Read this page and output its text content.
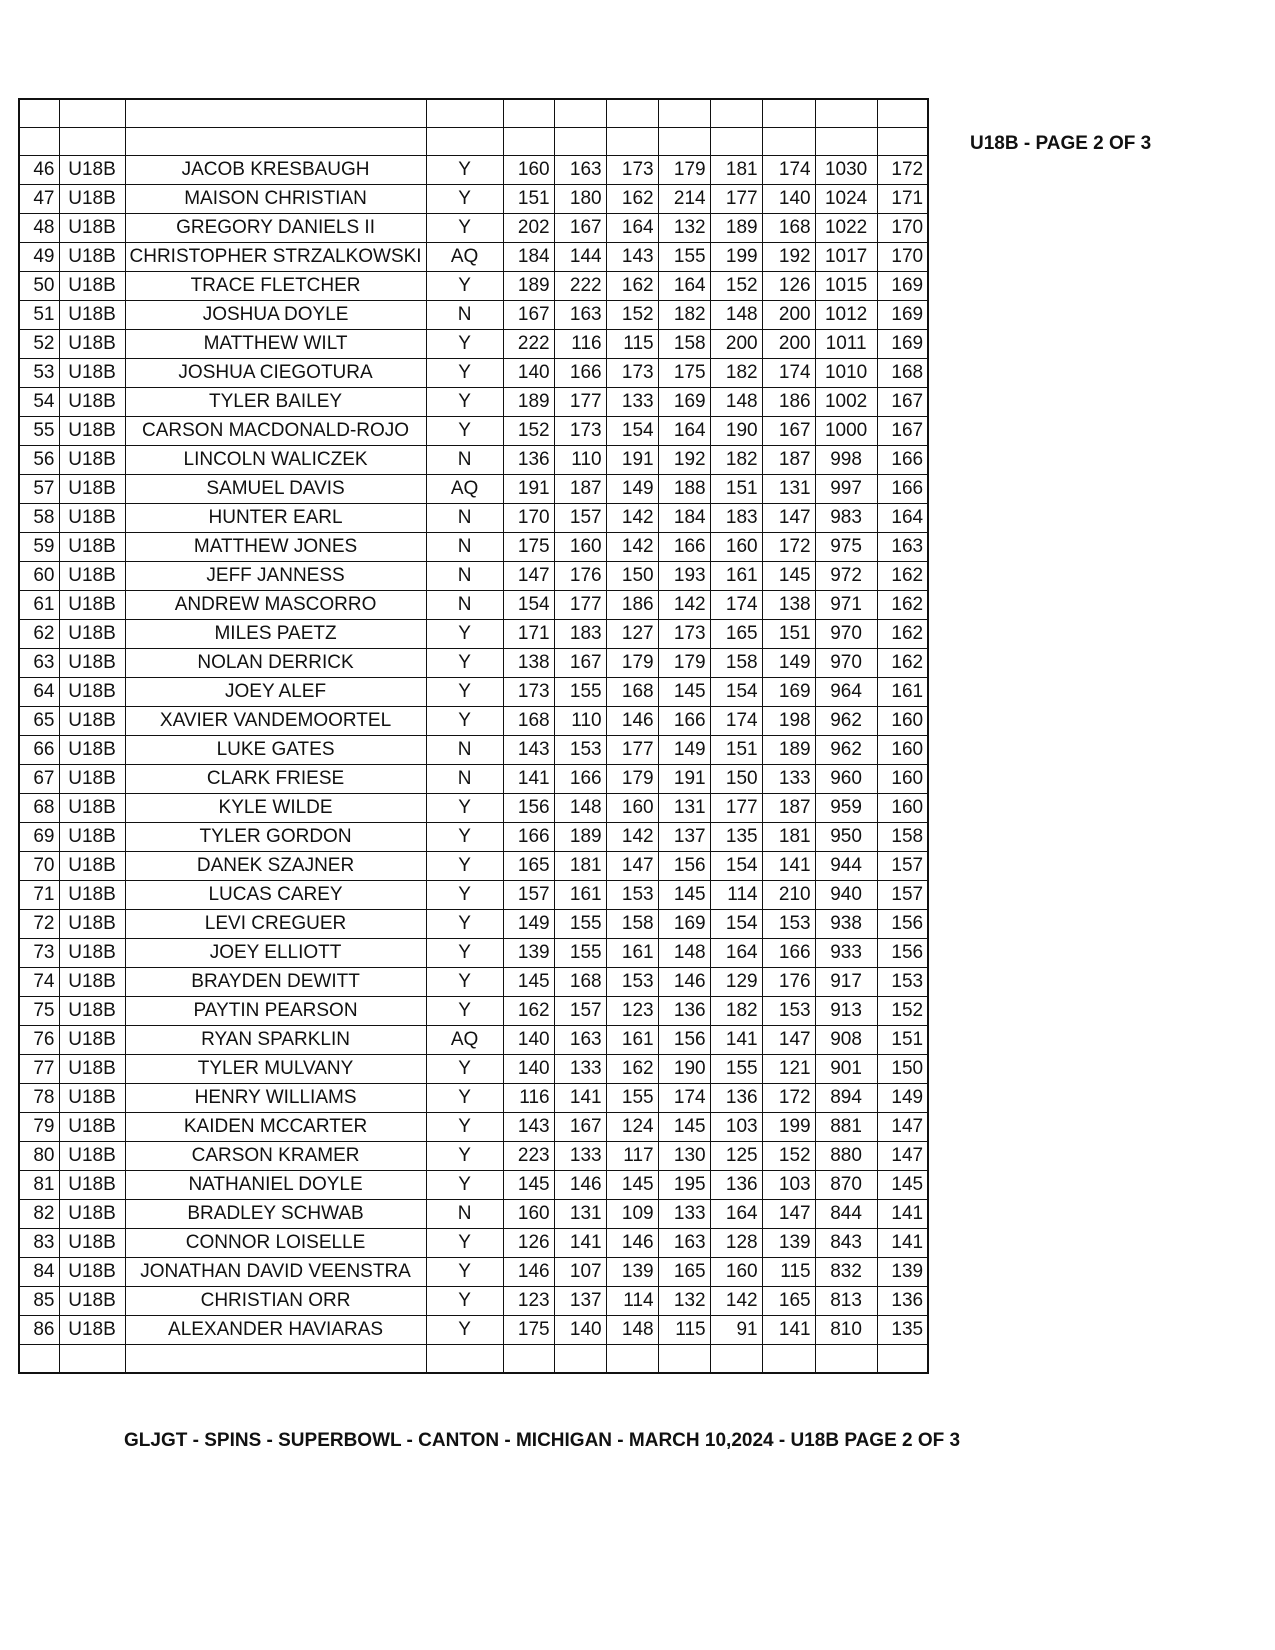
46	U18B	JACOB KRESBAUGH	Y	160	163	173	179	181	174	1030	172
47	U18B	MAISON CHRISTIAN	Y	151	180	162	214	177	140	1024	171
48	U18B	GREGORY DANIELS II	Y	202	167	164	132	189	168	1022	170
49	U18B	CHRISTOPHER STRZALKOWSKI	AQ	184	144	143	155	199	192	1017	170
50	U18B	TRACE FLETCHER	Y	189	222	162	164	152	126	1015	169
51	U18B	JOSHUA DOYLE	N	167	163	152	182	148	200	1012	169
52	U18B	MATTHEW WILT	Y	222	116	115	158	200	200	1011	169
53	U18B	JOSHUA CIEGOTURA	Y	140	166	173	175	182	174	1010	168
54	U18B	TYLER BAILEY	Y	189	177	133	169	148	186	1002	167
55	U18B	CARSON MACDONALD-ROJO	Y	152	173	154	164	190	167	1000	167
56	U18B	LINCOLN WALICZEK	N	136	110	191	192	182	187	998	166
57	U18B	SAMUEL DAVIS	AQ	191	187	149	188	151	131	997	166
58	U18B	HUNTER EARL	N	170	157	142	184	183	147	983	164
59	U18B	MATTHEW JONES	N	175	160	142	166	160	172	975	163
60	U18B	JEFF JANNESS	N	147	176	150	193	161	145	972	162
61	U18B	ANDREW MASCORRO	N	154	177	186	142	174	138	971	162
62	U18B	MILES PAETZ	Y	171	183	127	173	165	151	970	162
63	U18B	NOLAN DERRICK	Y	138	167	179	179	158	149	970	162
64	U18B	JOEY ALEF	Y	173	155	168	145	154	169	964	161
65	U18B	XAVIER VANDEMOORTEL	Y	168	110	146	166	174	198	962	160
66	U18B	LUKE GATES	N	143	153	177	149	151	189	962	160
67	U18B	CLARK FRIESE	N	141	166	179	191	150	133	960	160
68	U18B	KYLE WILDE	Y	156	148	160	131	177	187	959	160
69	U18B	TYLER GORDON	Y	166	189	142	137	135	181	950	158
70	U18B	DANEK SZAJNER	Y	165	181	147	156	154	141	944	157
71	U18B	LUCAS CAREY	Y	157	161	153	145	114	210	940	157
72	U18B	LEVI CREGUER	Y	149	155	158	169	154	153	938	156
73	U18B	JOEY ELLIOTT	Y	139	155	161	148	164	166	933	156
74	U18B	BRAYDEN DEWITT	Y	145	168	153	146	129	176	917	153
75	U18B	PAYTIN PEARSON	Y	162	157	123	136	182	153	913	152
76	U18B	RYAN SPARKLIN	AQ	140	163	161	156	141	147	908	151
77	U18B	TYLER MULVANY	Y	140	133	162	190	155	121	901	150
78	U18B	HENRY WILLIAMS	Y	116	141	155	174	136	172	894	149
79	U18B	KAIDEN MCCARTER	Y	143	167	124	145	103	199	881	147
80	U18B	CARSON KRAMER	Y	223	133	117	130	125	152	880	147
81	U18B	NATHANIEL DOYLE	Y	145	146	145	195	136	103	870	145
82	U18B	BRADLEY SCHWAB	N	160	131	109	133	164	147	844	141
83	U18B	CONNOR LOISELLE	Y	126	141	146	163	128	139	843	141
84	U18B	JONATHAN DAVID VEENSTRA	Y	146	107	139	165	160	115	832	139
85	U18B	CHRISTIAN ORR	Y	123	137	114	132	142	165	813	136
86	U18B	ALEXANDER HAVIARAS	Y	175	140	148	115	91	141	810	135

U18B - PAGE 2 OF 3
GLJGT - SPINS - SUPERBOWL - CANTON - MICHIGAN - MARCH 10,2024 - U18B PAGE 2 OF 3
